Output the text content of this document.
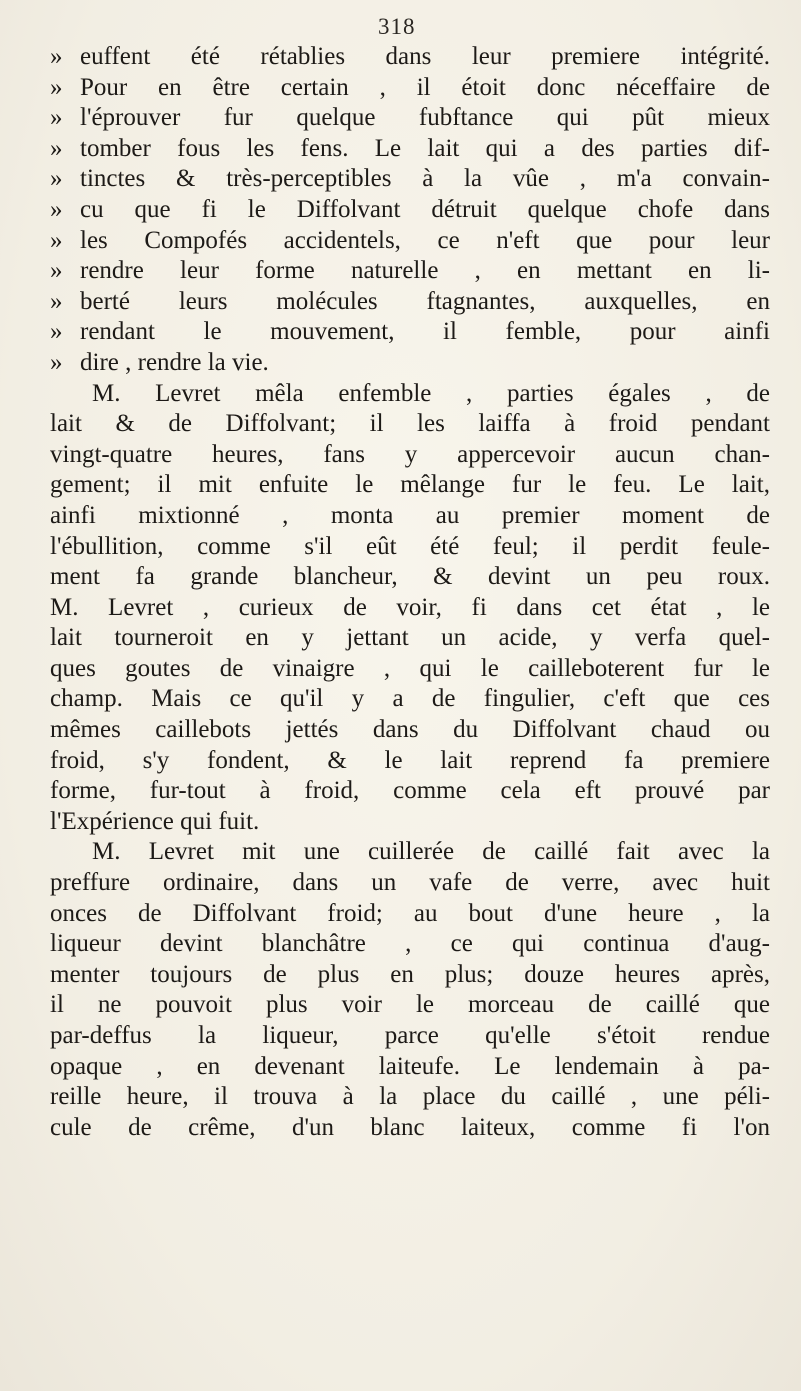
318
» euffent été rétablies dans leur premiere intégrité.
» Pour en être certain , il étoit donc néceffaire de
» l'éprouver fur quelque fubftance qui pût mieux
» tomber fous les fens. Le lait qui a des parties dif-
» tinctes & très-perceptibles à la vûe , m'a convain-
» cu que fi le Diffolvant détruit quelque chofe dans
» les Compofés accidentels, ce n'eft que pour leur
» rendre leur forme naturelle , en mettant en li-
» berté leurs molécules ftagnantes, auxquelles, en
» rendant le mouvement, il femble, pour ainfi
» dire , rendre la vie.
M. Levret mêla enfemble , parties égales , de
lait & de Diffolvant; il les laiffa à froid pendant
vingt-quatre heures, fans y appercevoir aucun chan-
gement; il mit enfuite le mêlange fur le feu. Le lait,
ainfi mixtionné , monta au premier moment de
l'ébullition, comme s'il eût été feul; il perdit feule-
ment fa grande blancheur, & devint un peu roux.
M. Levret , curieux de voir, fi dans cet état , le
lait tourneroit en y jettant un acide, y verfa quel-
ques goutes de vinaigre , qui le cailleboterent fur le
champ. Mais ce qu'il y a de fingulier, c'eft que ces
mêmes caillebots jettés dans du Diffolvant chaud ou
froid, s'y fondent, & le lait reprend fa premiere
forme, fur-tout à froid, comme cela eft prouvé par
l'Expérience qui fuit.
M. Levret mit une cuillerée de caillé fait avec la
preffure ordinaire, dans un vafe de verre, avec huit
onces de Diffolvant froid; au bout d'une heure , la
liqueur devint blanchâtre , ce qui continua d'aug-
menter toujours de plus en plus; douze heures après,
il ne pouvoit plus voir le morceau de caillé que
par-deffus la liqueur, parce qu'elle s'étoit rendue
opaque , en devenant laiteufe. Le lendemain à pa-
reille heure, il trouva à la place du caillé , une péli-
cule de crême, d'un blanc laiteux, comme fi l'on
